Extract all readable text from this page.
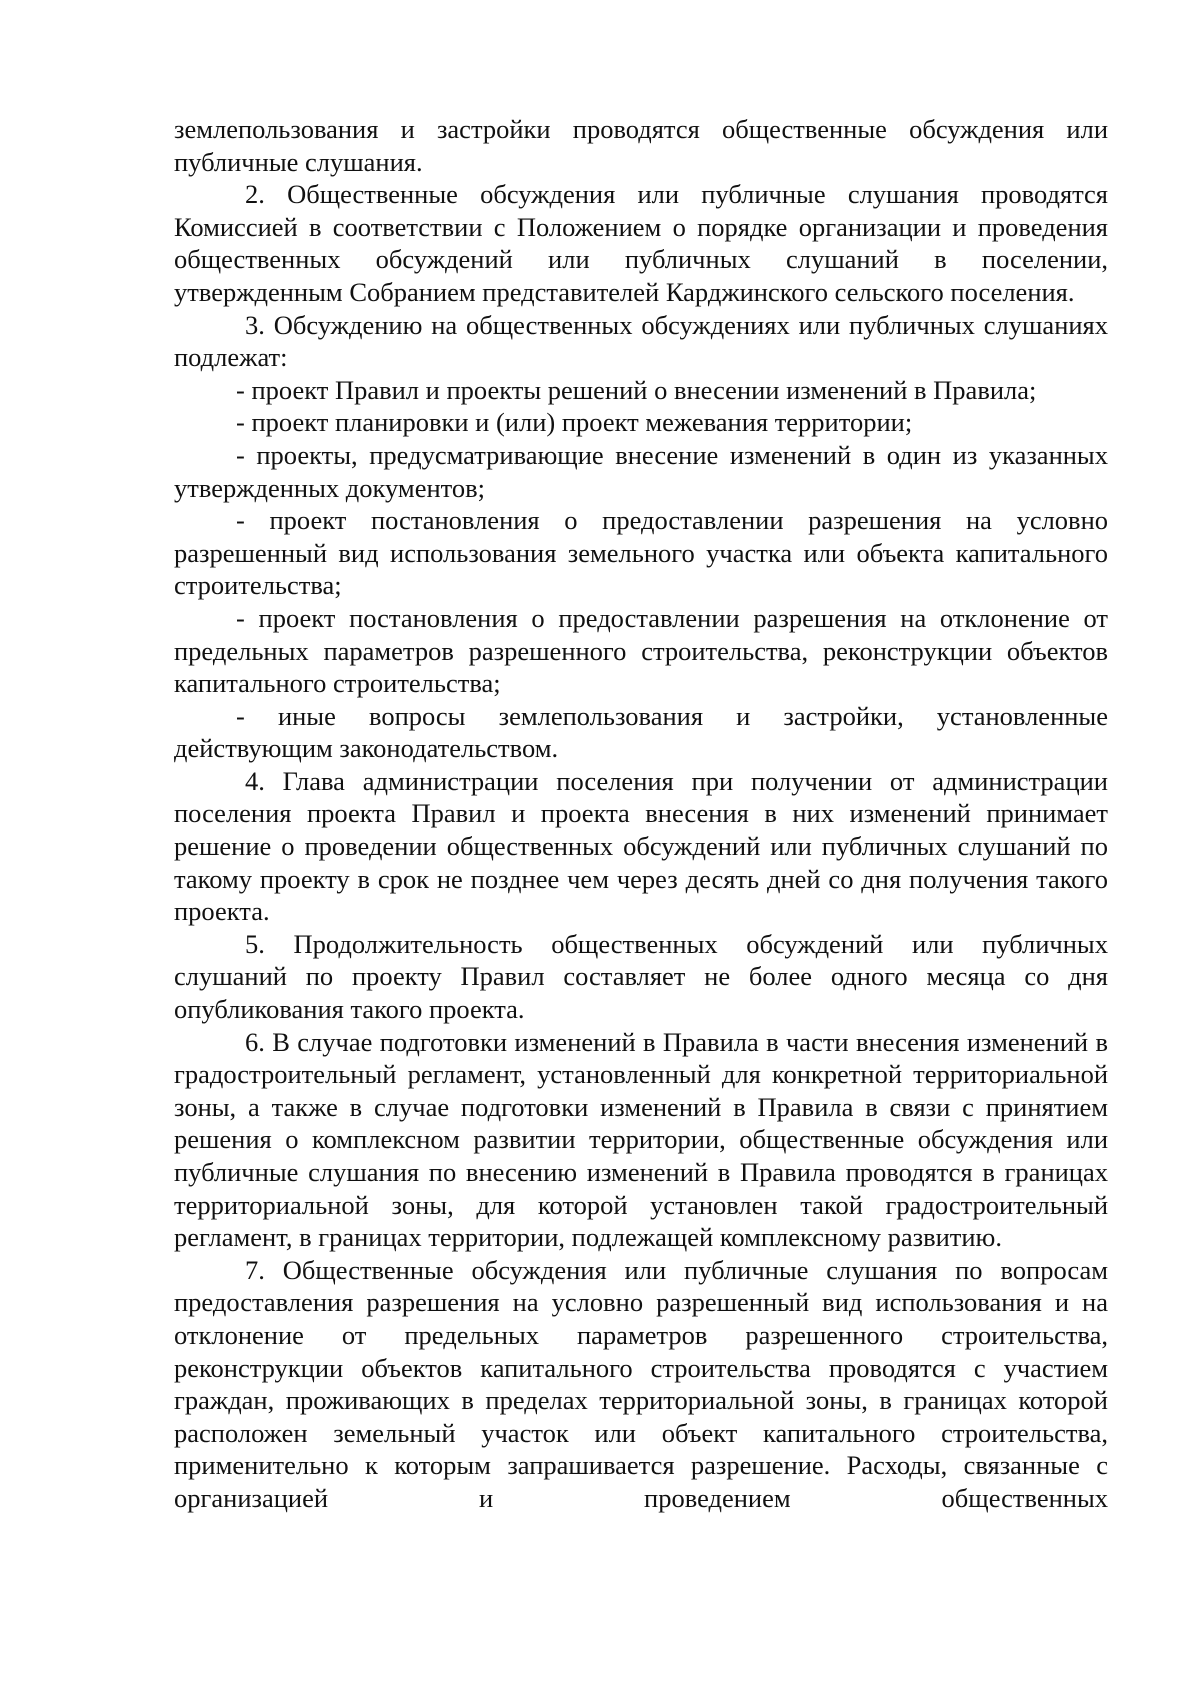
землепользования и застройки проводятся общественные обсуждения или публичные слушания.

2. Общественные обсуждения или публичные слушания проводятся Комиссией в соответствии с Положением о порядке организации и проведения общественных обсуждений или публичных слушаний в поселении, утвержденным Собранием представителей Карджинского сельского поселения.

3. Обсуждению на общественных обсуждениях или публичных слушаниях подлежат:

- проект Правил и проекты решений о внесении изменений в Правила;

- проект планировки и (или) проект межевания территории;

- проекты, предусматривающие внесение изменений в один из указанных утвержденных документов;

- проект постановления о предоставлении разрешения на условно разрешенный вид использования земельного участка или объекта капитального строительства;

- проект постановления о предоставлении разрешения на отклонение от предельных параметров разрешенного строительства, реконструкции объектов капитального строительства;

- иные вопросы землепользования и застройки, установленные действующим законодательством.

4. Глава администрации поселения при получении от администрации поселения проекта Правил и проекта внесения в них изменений принимает решение о проведении общественных обсуждений или публичных слушаний по такому проекту в срок не позднее чем через десять дней со дня получения такого проекта.

5. Продолжительность общественных обсуждений или публичных слушаний по проекту Правил составляет не более одного месяца со дня опубликования такого проекта.

6. В случае подготовки изменений в Правила в части внесения изменений в градостроительный регламент, установленный для конкретной территориальной зоны, а также в случае подготовки изменений в Правила в связи с принятием решения о комплексном развитии территории, общественные обсуждения или публичные слушания по внесению изменений в Правила проводятся в границах территориальной зоны, для которой установлен такой градостроительный регламент, в границах территории, подлежащей комплексному развитию.

7. Общественные обсуждения или публичные слушания по вопросам предоставления разрешения на условно разрешенный вид использования и на отклонение от предельных параметров разрешенного строительства, реконструкции объектов капитального строительства проводятся с участием граждан, проживающих в пределах территориальной зоны, в границах которой расположен земельный участок или объект капитального строительства, применительно к которым запрашивается разрешение. Расходы, связанные с организацией и проведением общественных
